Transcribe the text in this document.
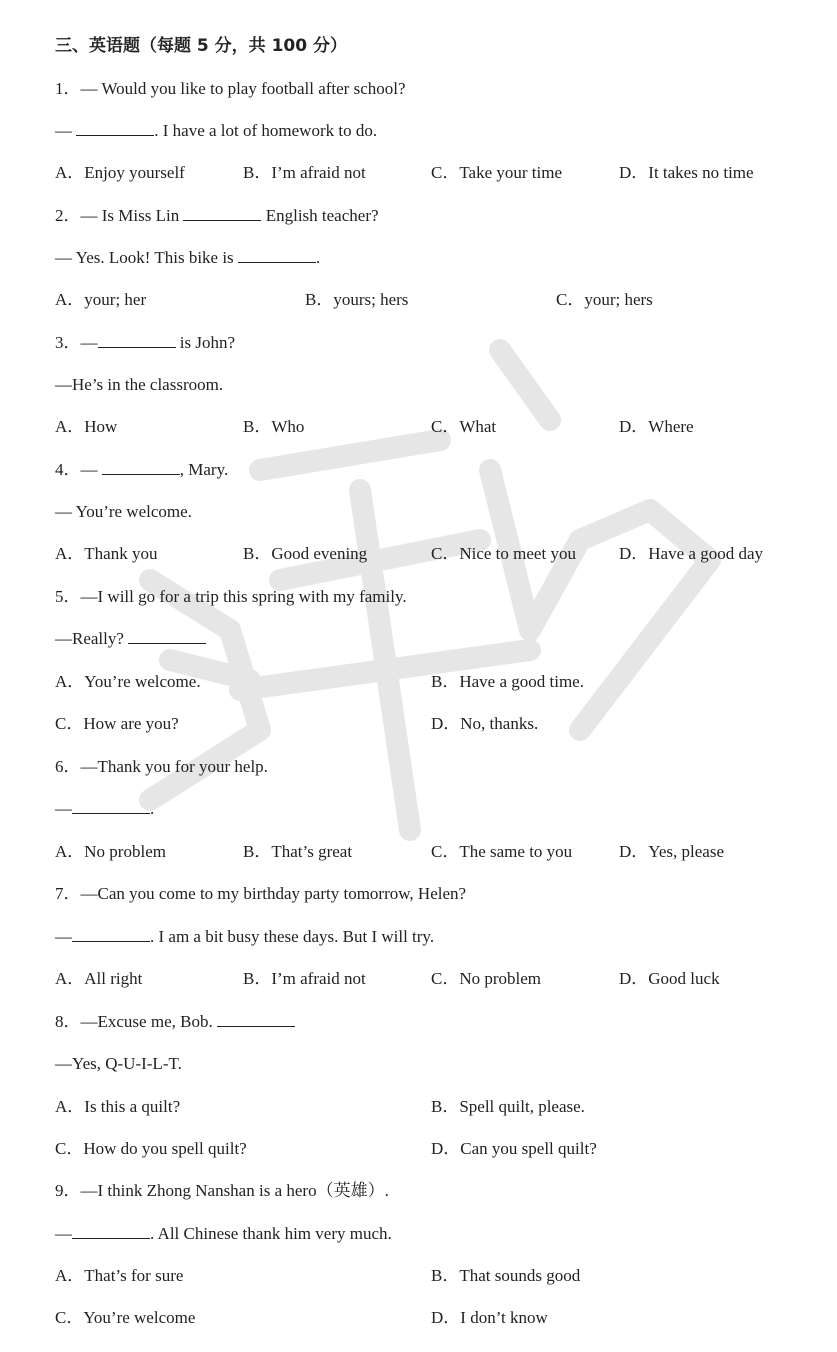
三、英语题（每题 5 分，共 100 分）
1．— Would you like to play football after school?
—	. I have a lot of homework to do.
A．Enjoy yourself	B．I’m afraid not	C．Take your time	D．It takes no time
2．— Is Miss Lin	English teacher?
— Yes. Look! This bike is	.
A．your; her	B．yours; hers	C．your; hers
3．—	is John?
—He’s in the classroom.
A．How	B．Who	C．What	D．Where
4．—	, Mary.
— You’re welcome.
A．Thank you	B．Good evening	C．Nice to meet you	D．Have a good day
5．—I will go for a trip this spring with my family.
—Really?
A．You’re welcome.	B．Have a good time.
C．How are you?	D．No, thanks.
6．—Thank you for your help.
—	.
A．No problem	B．That’s great	C．The same to you	D．Yes, please
7．—Can you come to my birthday party tomorrow, Helen?
—	. I am a bit busy these days. But I will try.
A．All right	B．I’m afraid not	C．No problem	D．Good luck
8．—Excuse me, Bob.
—Yes, Q-U-I-L-T.
A．Is this a quilt?	B．Spell quilt, please.
C．How do you spell quilt?	D．Can you spell quilt?
9．—I think Zhong Nanshan is a hero（英雄）.
—	. All Chinese thank him very much.
A．That’s for sure	B．That sounds good
C．You’re welcome	D．I don’t know
